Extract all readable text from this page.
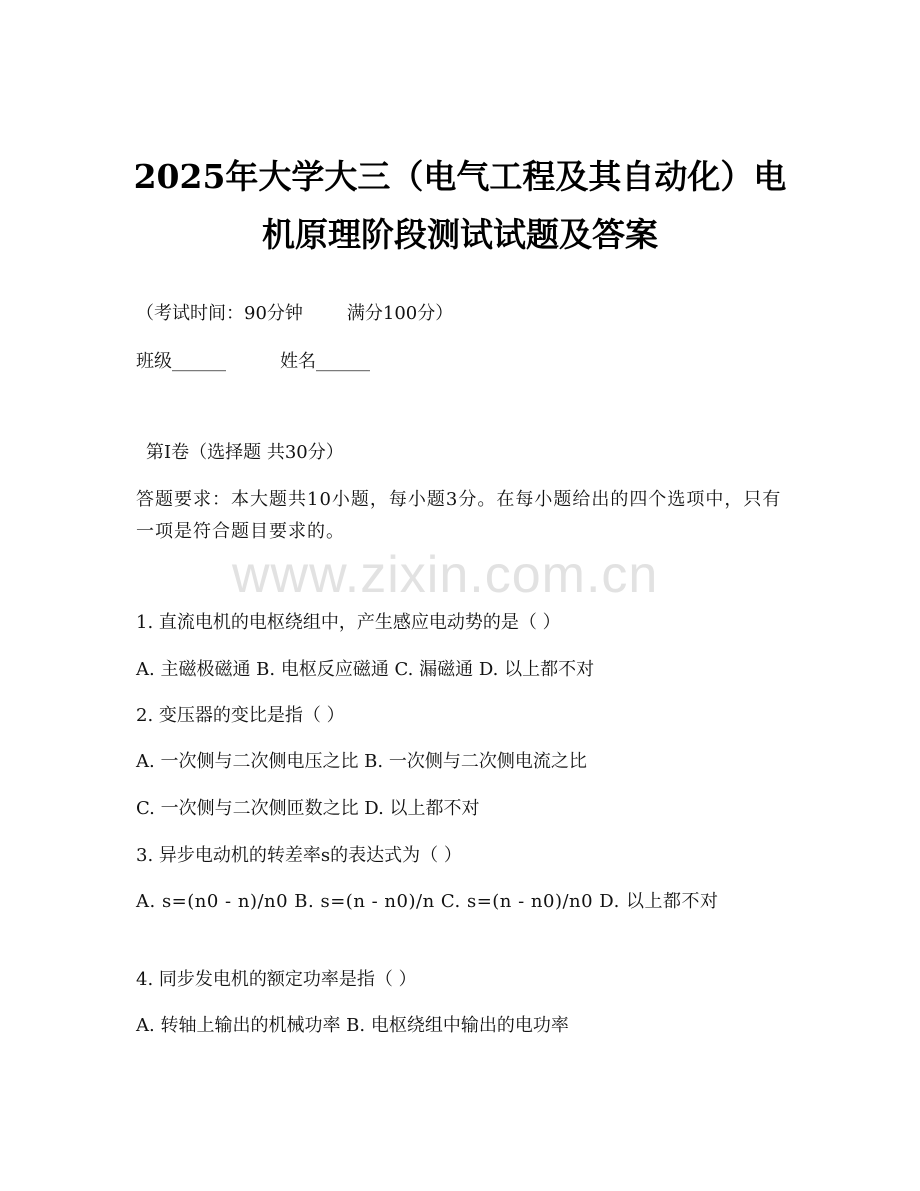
2025年大学大三（电气工程及其自动化）电
机原理阶段测试试题及答案

（考试时间：90分钟 满分100分）

班级______	姓名______

第I卷（选择题 共30分）

答题要求：本大题共10小题，每小题3分。在每小题给出的四个选项中，只有一项是符合题目要求的。

www.zixin.com.cn

1. 直流电机的电枢绕组中，产生感应电动势的是（ ）

A. 主磁极磁通 B. 电枢反应磁通 C. 漏磁通 D. 以上都不对

2. 变压器的变比是指（ ）

A. 一次侧与二次侧电压之比 B. 一次侧与二次侧电流之比

C. 一次侧与二次侧匝数之比 D. 以上都不对

3. 异步电动机的转差率s的表达式为（ ）

A. s=(n0 - n)/n0 B. s=(n - n0)/n C. s=(n - n0)/n0 D. 以上都不对

4. 同步发电机的额定功率是指（ ）

A. 转轴上输出的机械功率 B. 电枢绕组中输出的电功率
